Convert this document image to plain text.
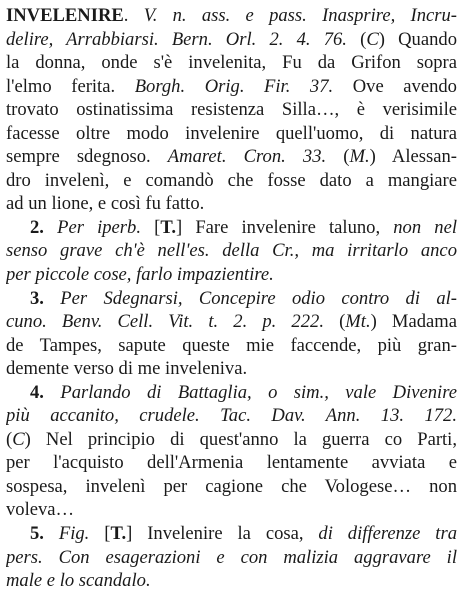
INVELENIRE. V. n. ass. e pass. Inasprire, Incru-
delire, Arrabbiarsi. Bern. Orl. 2. 4. 76. (C) Quando
la donna, onde s'è invelenita, Fu da Grifon sopra
l'elmo ferita. Borgh. Orig. Fir. 37. Ove avendo
trovato ostinatissima resistenza Silla…, è verisimile
facesse oltre modo invelenire quell'uomo, di natura
sempre sdegnoso. Amaret. Cron. 33. (M.) Alessan-
dro invelenì, e comandò che fosse dato a mangiare
ad un lione, e così fu fatto.
2. Per iperb. [T.] Fare invelenire taluno, non nel
senso grave ch'è nell'es. della Cr., ma irritarlo anco
per piccole cose, farlo impazientire.
3. Per Sdegnarsi, Concepire odio contro di al-
cuno. Benv. Cell. Vit. t. 2. p. 222. (Mt.) Madama
de Tampes, sapute queste mie faccende, più gran-
demente verso di me inveleniva.
4. Parlando di Battaglia, o sim., vale Divenire
più accanito, crudele. Tac. Dav. Ann. 13. 172.
(C) Nel principio di quest'anno la guerra co Parti,
per l'acquisto dell'Armenia lentamente avviata e
sospesa, invelenì per cagione che Vologese… non
voleva…
5. Fig. [T.] Invelenire la cosa, di differenze tra
pers. Con esagerazioni e con malizia aggravare il
male e lo scandalo.
